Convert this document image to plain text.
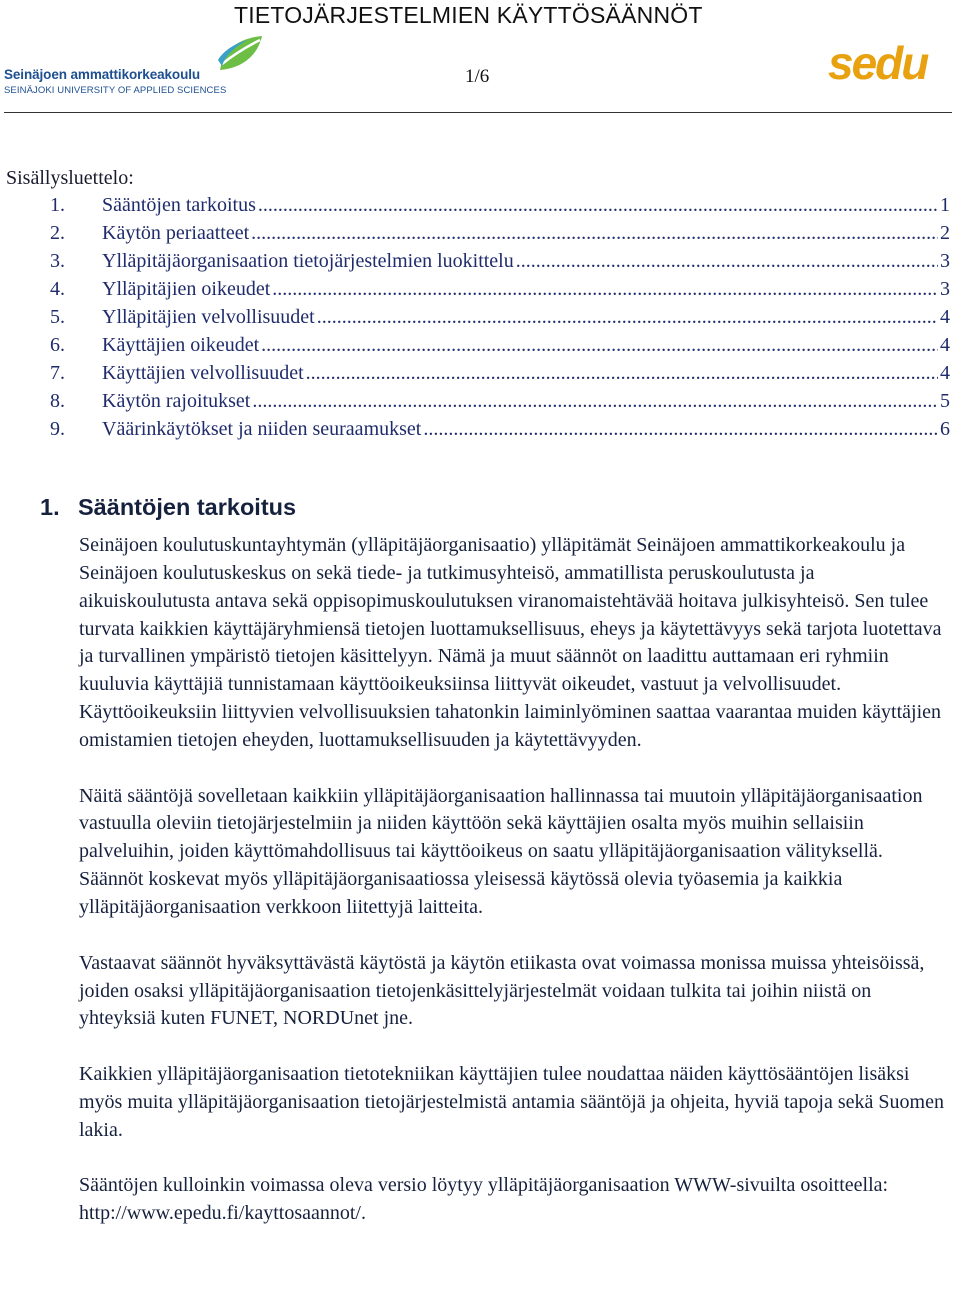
TIETOJÄRJESTELMIEN KÄYTTÖSÄÄNNÖT
1/6
Seinäjoen ammattikorkeakoulu
SEINÄJOKI UNIVERSITY OF APPLIED SCIENCES
sedu
Sisällysluettelo:
1.	Sääntöjen tarkoitus .....	1
2.	Käytön periaatteet .....	2
3.	Ylläpitäjäorganisaation tietojärjestelmien luokittelu .....	3
4.	Ylläpitäjien oikeudet .....	3
5.	Ylläpitäjien velvollisuudet .....	4
6.	Käyttäjien oikeudet .....	4
7.	Käyttäjien velvollisuudet .....	4
8.	Käytön rajoitukset .....	5
9.	Väärinkäytökset ja niiden seuraamukset .....	6
1. Sääntöjen tarkoitus

Seinäjoen koulutuskuntayhtymän (ylläpitäjäorganisaatio) ylläpitämät Seinäjoen ammattikorkeakoulu ja Seinäjoen koulutuskeskus on sekä tiede- ja tutkimusyhteisö, ammatillista peruskoulutusta ja aikuiskoulutusta antava sekä oppisopimuskoulutuksen viranomaistehtävää hoitava julkisyhteisö. Sen tulee turvata kaikkien käyttäjäryhmiensä tietojen luottamuksellisuus, eheys ja käytettävyys sekä tarjota luotettava ja turvallinen ympäristö tietojen käsittelyyn. Nämä ja muut säännöt on laadittu auttamaan eri ryhmiin kuuluvia käyttäjiä tunnistamaan käyttöoikeuksiinsa liittyvät oikeudet, vastuut ja velvollisuudet. Käyttöoikeuksiin liittyvien velvollisuuksien tahatonkin laiminlyöminen saattaa vaarantaa muiden käyttäjien omistamien tietojen eheyden, luottamuksellisuuden ja käytettävyyden.

Näitä sääntöjä sovelletaan kaikkiin ylläpitäjäorganisaation hallinnassa tai muutoin ylläpitäjäorganisaation vastuulla oleviin tietojärjestelmiin ja niiden käyttöön sekä käyttäjien osalta myös muihin sellaisiin palveluihin, joiden käyttömahdollisuus tai käyttöoikeus on saatu ylläpitäjäorganisaation välityksellä. Säännöt koskevat myös ylläpitäjäorganisaatiossa yleisessä käytössä olevia työasemia ja kaikkia ylläpitäjäorganisaation verkkoon liitettyjä laitteita.

Vastaavat säännöt hyväksyttävästä käytöstä ja käytön etiikasta ovat voimassa monissa muissa yhteisöissä, joiden osaksi ylläpitäjäorganisaation tietojenkäsittelyjärjestelmät voidaan tulkita tai joihin niistä on yhteyksiä kuten FUNET, NORDUnet jne.

Kaikkien ylläpitäjäorganisaation tietotekniikan käyttäjien tulee noudattaa näiden käyttösääntöjen lisäksi myös muita ylläpitäjäorganisaation tietojärjestelmistä antamia sääntöjä ja ohjeita, hyviä tapoja sekä Suomen lakia.

Sääntöjen kulloinkin voimassa oleva versio löytyy ylläpitäjäorganisaation WWW-sivuilta osoitteella: http://www.epedu.fi/kayttosaannot/.
